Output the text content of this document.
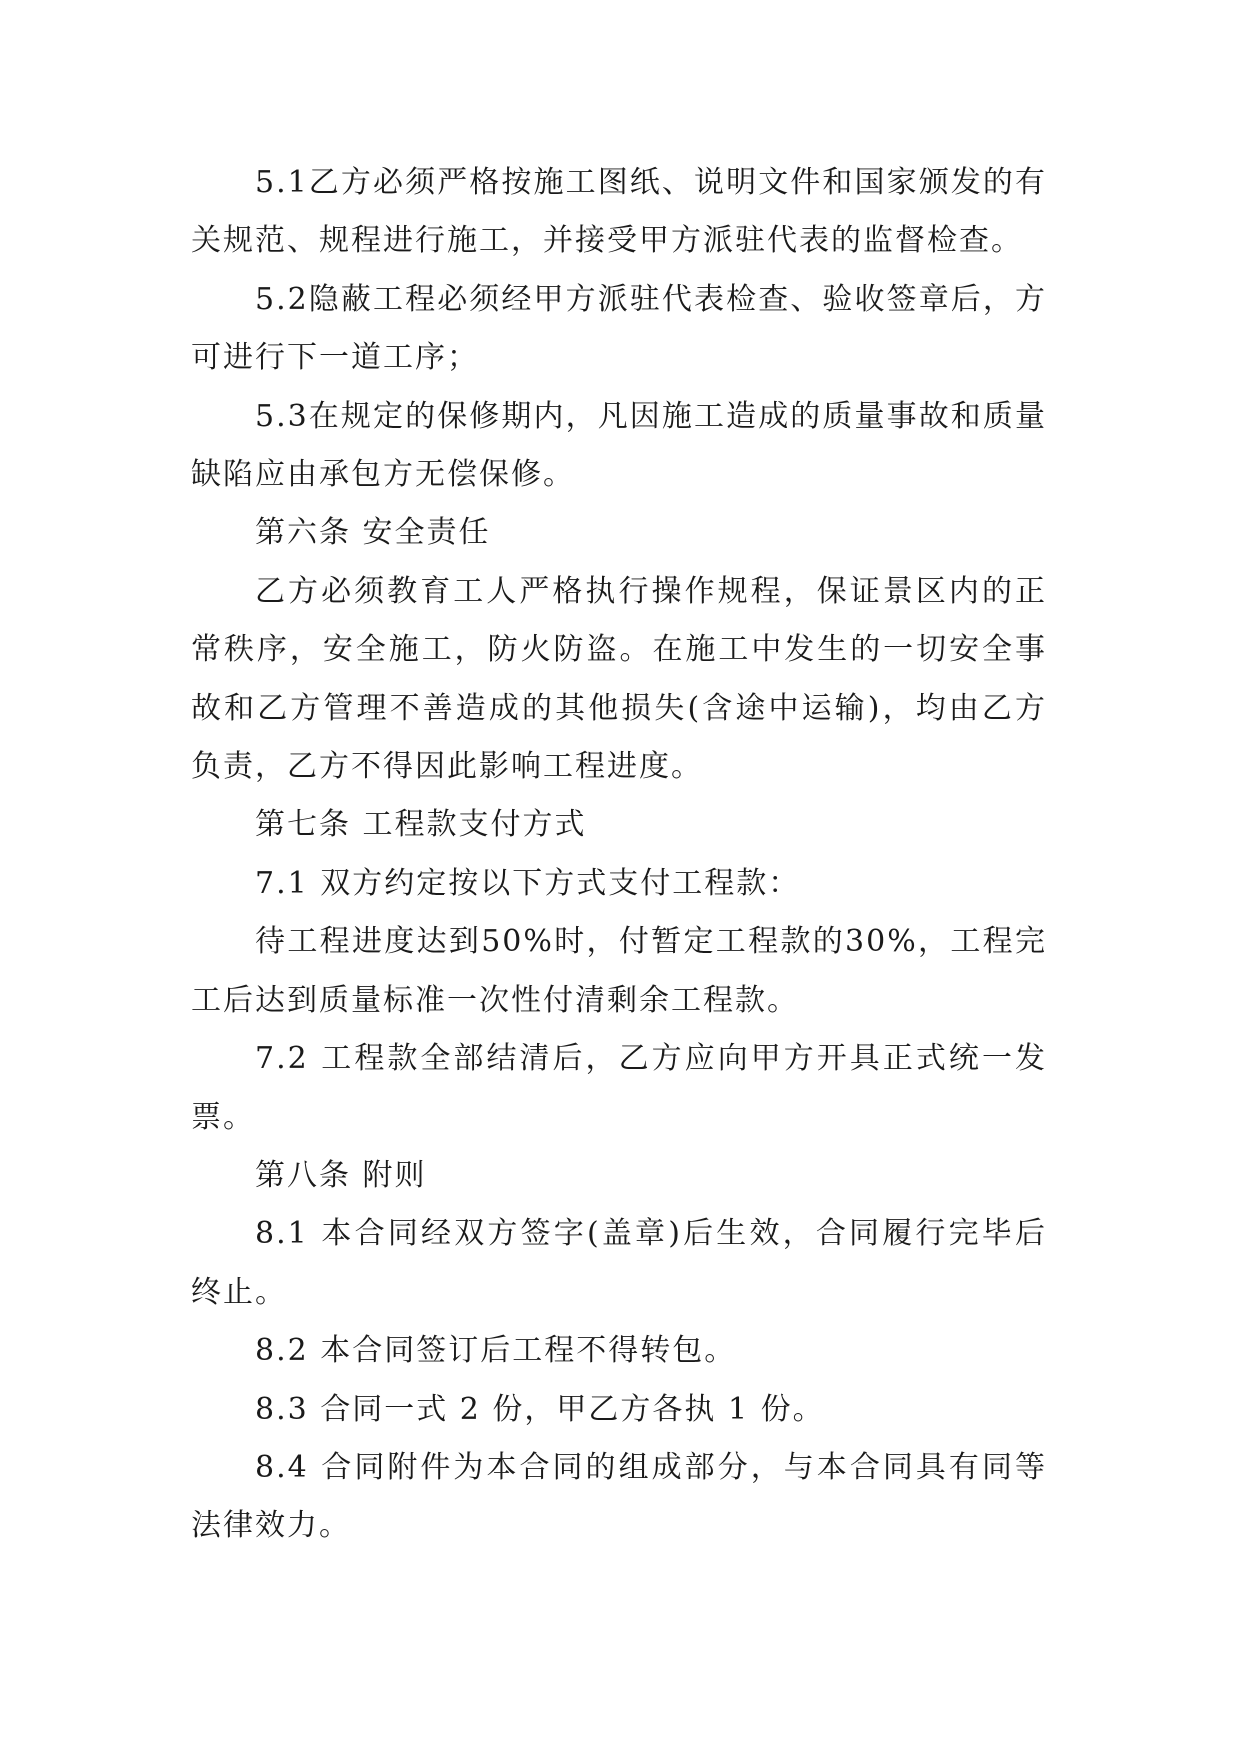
5.1乙方必须严格按施工图纸、说明文件和国家颁发的有关规范、规程进行施工，并接受甲方派驻代表的监督检查。

5.2隐蔽工程必须经甲方派驻代表检查、验收签章后，方可进行下一道工序；

5.3在规定的保修期内，凡因施工造成的质量事故和质量缺陷应由承包方无偿保修。

第六条 安全责任

乙方必须教育工人严格执行操作规程，保证景区内的正常秩序，安全施工，防火防盗。在施工中发生的一切安全事故和乙方管理不善造成的其他损失(含途中运输)，均由乙方负责，乙方不得因此影响工程进度。

第七条 工程款支付方式

7.1 双方约定按以下方式支付工程款：

待工程进度达到50%时，付暂定工程款的30%，工程完工后达到质量标准一次性付清剩余工程款。

7.2 工程款全部结清后，乙方应向甲方开具正式统一发票。

第八条 附则

8.1 本合同经双方签字(盖章)后生效，合同履行完毕后终止。

8.2 本合同签订后工程不得转包。

8.3 合同一式 2 份，甲乙方各执 1 份。

8.4 合同附件为本合同的组成部分，与本合同具有同等法律效力。
